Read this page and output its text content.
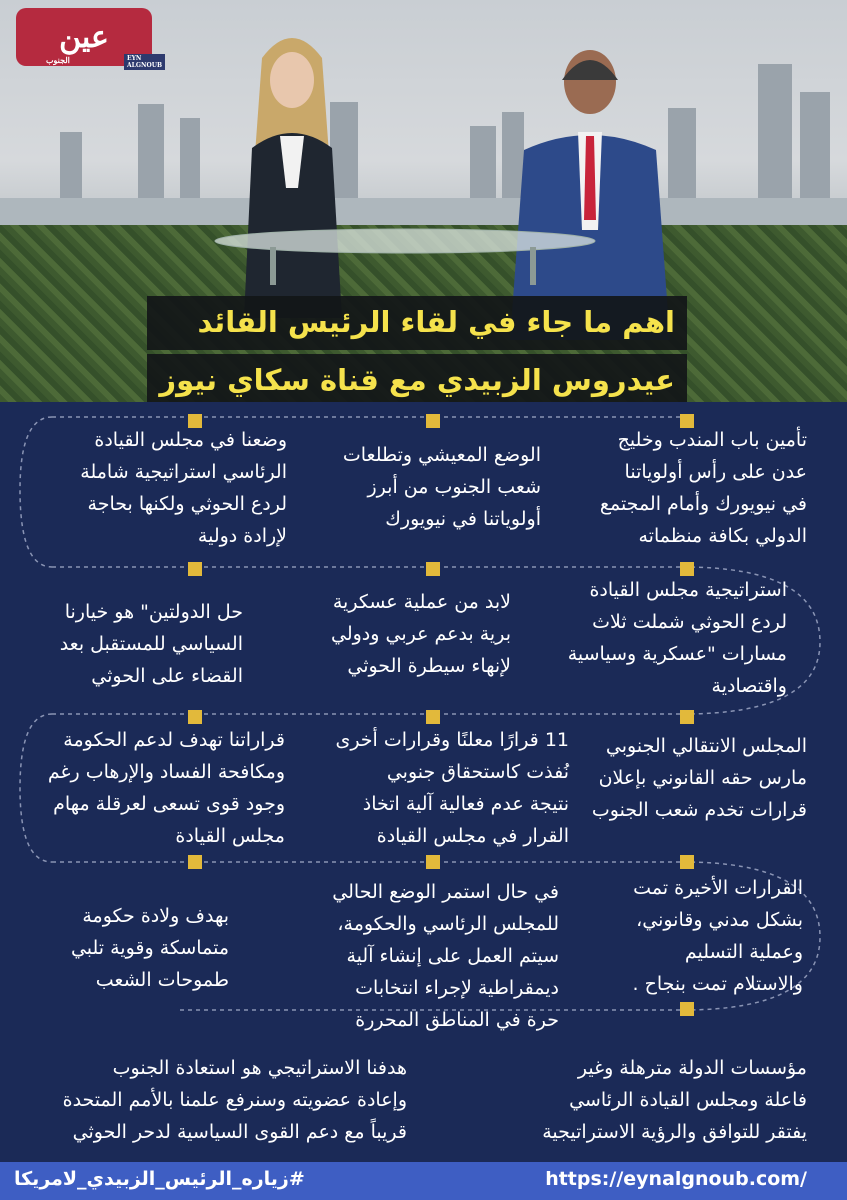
عين
الجنوب	EYN ALGNOUB
اهم ما جاء في لقاء الرئيس القائد
عيدروس الزبيدي مع قناة سكاي نيوز
تأمين باب المندب وخليج
عدن على رأس أولوياتنا
في نيويورك وأمام المجتمع
الدولي بكافة منظماته
الوضع المعيشي وتطلعات
شعب الجنوب من أبرز
أولوياتنا في نيويورك
وضعنا في مجلس القيادة
الرئاسي استراتيجية شاملة
لردع الحوثي ولكنها بحاجة
لإرادة دولية
استراتيجية مجلس القيادة
لردع الحوثي شملت ثلاث
مسارات "عسكرية وسياسية
واقتصادية
لابد من عملية عسكرية
برية بدعم عربي ودولي
لإنهاء سيطرة الحوثي
حل الدولتين" هو خيارنا
السياسي للمستقبل بعد
القضاء على الحوثي
المجلس الانتقالي الجنوبي
مارس حقه القانوني بإعلان
قرارات تخدم شعب الجنوب
11 قرارًا معلنًا وقرارات أخرى
نُفذت كاستحقاق جنوبي
نتيجة عدم فعالية آلية اتخاذ
القرار في مجلس القيادة
قراراتنا تهدف لدعم الحكومة
ومكافحة الفساد والإرهاب رغم
وجود قوى تسعى لعرقلة مهام
مجلس القيادة
القرارات الأخيرة تمت
بشكل مدني وقانوني،
وعملية التسليم
والاستلام تمت بنجاح .
في حال استمر الوضع الحالي
للمجلس الرئاسي والحكومة،
سيتم العمل على إنشاء آلية
ديمقراطية لإجراء انتخابات
حرة في المناطق المحررة
بهدف ولادة حكومة
متماسكة وقوية تلبي
طموحات الشعب
مؤسسات الدولة مترهلة وغير
فاعلة ومجلس القيادة الرئاسي
يفتقر للتوافق والرؤية الاستراتيجية
هدفنا الاستراتيجي هو استعادة الجنوب
وإعادة عضويته وسنرفع علمنا بالأمم المتحدة
قريباً مع دعم القوى السياسية لدحر الحوثي
#زياره_الرئيس_الزبيدي_لامريكا	https://eynalgnoub.com/
